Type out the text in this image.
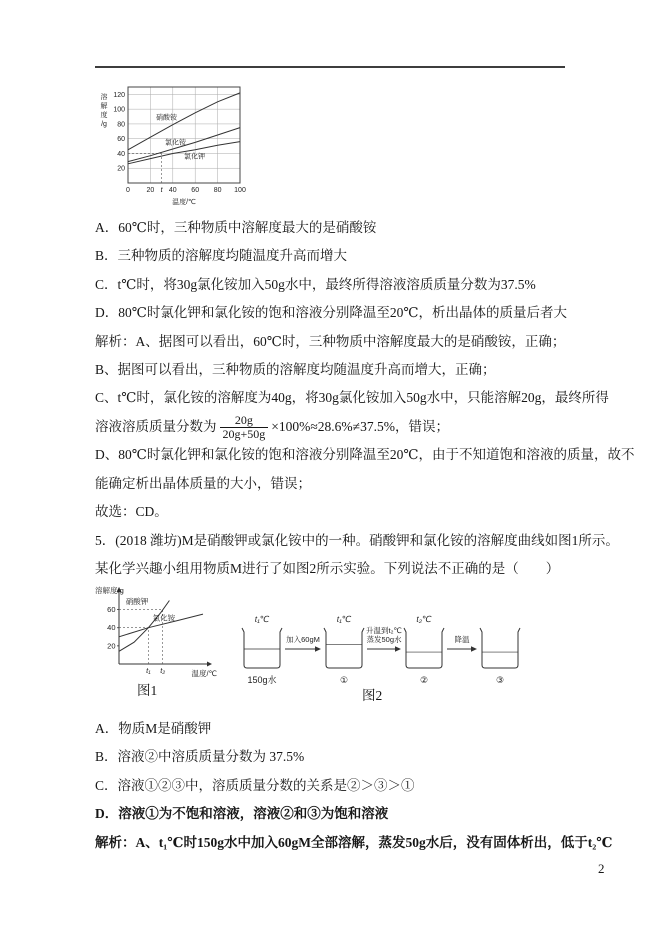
20
40
60
80
100
120
0 20 40 60 80 100
t
硝酸铵
氯化铵
氯化钾
溶解度/g
温度/℃

A．60℃时，三种物质中溶解度最大的是硝酸铵

B．三种物质的溶解度均随温度升高而增大

C．t℃时，将30g氯化铵加入50g水中，最终所得溶液溶质质量分数为37.5%

D．80℃时氯化钾和氯化铵的饱和溶液分别降温至20℃，析出晶体的质量后者大

解析：A、据图可以看出，60℃时，三种物质中溶解度最大的是硝酸铵，正确；

B、据图可以看出，三种物质的溶解度均随温度升高而增大，正确；

C、t℃时，氯化铵的溶解度为40g，将30g氯化铵加入50g水中，只能溶解20g，最终所得

溶液溶质质量分数为 $\frac{20g}{20g+50g} \times 100\%\approx 28.6\%\ne 37.5\%$，错误；

D、80℃时氯化钾和氯化铵的饱和溶液分别降温至20℃，由于不知道饱和溶液的质量，故不

能确定析出晶体质量的大小，错误；

故选：CD。

5．(2018 潍坊)M是硝酸钾或氯化铵中的一种。硝酸钾和氯化铵的溶解度曲线如图1所示。

某化学兴趣小组用物质M进行了如图2所示实验。下列说法不正确的是（　　）

20
40
60
t₁ t₂
硝酸钾
氯化铵
溶解度/g
温度/℃
图1
t₁℃
150g水
t₁℃
①
t₂℃
②	③
加入60gM
升温到t₂℃
蒸发50g水	降温
图2

A．物质M是硝酸钾

B．溶液②中溶质质量分数为 37.5%

C．溶液①②③中，溶质质量分数的关系是②＞③＞①

D．溶液①为不饱和溶液，溶液②和③为饱和溶液

解析：A、t₁℃时150g水中加入60gM全部溶解，蒸发50g水后，没有固体析出，低于t₂℃

2
